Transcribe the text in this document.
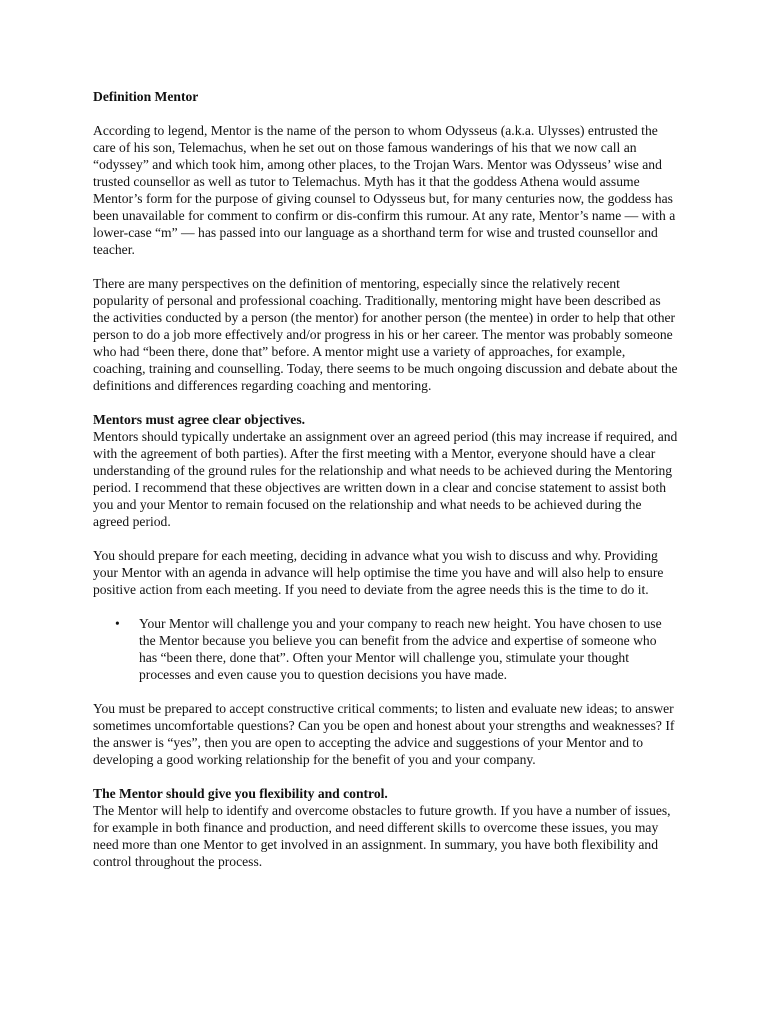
Definition Mentor

According to legend, Mentor is the name of the person to whom Odysseus (a.k.a. Ulysses) entrusted the care of his son, Telemachus, when he set out on those famous wanderings of his that we now call an “odyssey” and which took him, among other places, to the Trojan Wars. Mentor was Odysseus’ wise and trusted counsellor as well as tutor to Telemachus. Myth has it that the goddess Athena would assume Mentor’s form for the purpose of giving counsel to Odysseus but, for many centuries now, the goddess has been unavailable for comment to confirm or dis-confirm this rumour. At any rate, Mentor’s name — with a lower-case “m” — has passed into our language as a shorthand term for wise and trusted counsellor and teacher.

There are many perspectives on the definition of mentoring, especially since the relatively recent popularity of personal and professional coaching. Traditionally, mentoring might have been described as the activities conducted by a person (the mentor) for another person (the mentee) in order to help that other person to do a job more effectively and/or progress in his or her career. The mentor was probably someone who had “been there, done that” before. A mentor might use a variety of approaches, for example, coaching, training and counselling. Today, there seems to be much ongoing discussion and debate about the definitions and differences regarding coaching and mentoring.

Mentors must agree clear objectives.
Mentors should typically undertake an assignment over an agreed period (this may increase if required, and with the agreement of both parties). After the first meeting with a Mentor, everyone should have a clear understanding of the ground rules for the relationship and what needs to be achieved during the Mentoring period. I recommend that these objectives are written down in a clear and concise statement to assist both you and your Mentor to remain focused on the relationship and what needs to be achieved during the agreed period.

You should prepare for each meeting, deciding in advance what you wish to discuss and why. Providing your Mentor with an agenda in advance will help optimise the time you have and will also help to ensure positive action from each meeting. If you need to deviate from the agree needs this is the time to do it.

• Your Mentor will challenge you and your company to reach new height. You have chosen to use the Mentor because you believe you can benefit from the advice and expertise of someone who has “been there, done that”. Often your Mentor will challenge you, stimulate your thought processes and even cause you to question decisions you have made.

You must be prepared to accept constructive critical comments; to listen and evaluate new ideas; to answer sometimes uncomfortable questions? Can you be open and honest about your strengths and weaknesses? If the answer is “yes”, then you are open to accepting the advice and suggestions of your Mentor and to developing a good working relationship for the benefit of you and your company.

The Mentor should give you flexibility and control.
The Mentor will help to identify and overcome obstacles to future growth. If you have a number of issues, for example in both finance and production, and need different skills to overcome these issues, you may need more than one Mentor to get involved in an assignment. In summary, you have both flexibility and control throughout the process.
